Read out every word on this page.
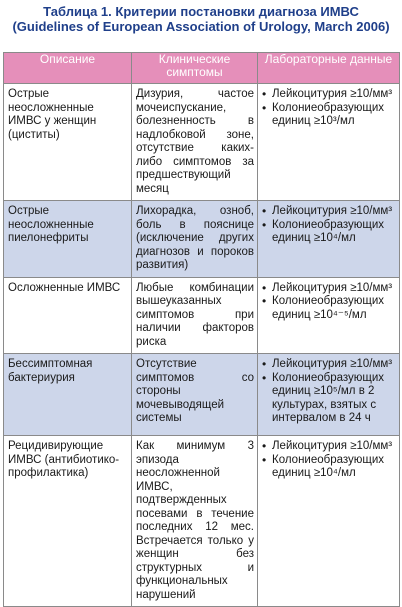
Таблица 1. Критерии постановки диагноза ИМВС
(Guidelines of European Association of Urology, March 2006)
Описание	Клинические симптомы	Лабораторные данные
Острые неосложненные ИМВС у женщин (циститы)	Дизурия, частое мочеиспускание, болезненность в надлобковой зоне, отсутствие каких-либо симптомов за предшествующий месяц	• Лейкоцитурия ≥10/мм³
• Колониеобразующих единиц ≥10³/мл

Острые неосложненные пиелонефриты	Лихорадка, озноб, боль в пояснице (исключение других диагнозов и пороков развития)	• Лейкоцитурия ≥10/мм³
• Колониеобразующих единиц ≥10⁴/мл

Осложненные ИМВС	Любые комбинации вышеуказанных симптомов при наличии факторов риска	• Лейкоцитурия ≥10/мм³
• Колониеобразующих единиц ≥10⁴⁻⁵/мл

Бессимптомная бактериурия	Отсутствие симптомов со стороны мочевыводящей системы	• Лейкоцитурия ≥10/мм³
• Колониеобразующих единиц ≥10⁵/мл в 2 культурах, взятых с интервалом в 24 ч

Рецидивирующие ИМВС (антибиотико-профилактика)	Как минимум 3 эпизода неосложненной ИМВС, подтвержденных посевами в течение последних 12 мес. Встречается только у женщин без структурных и функциональных нарушений	• Лейкоцитурия ≥10/мм³
• Колониеобразующих единиц ≥10⁴/мл
